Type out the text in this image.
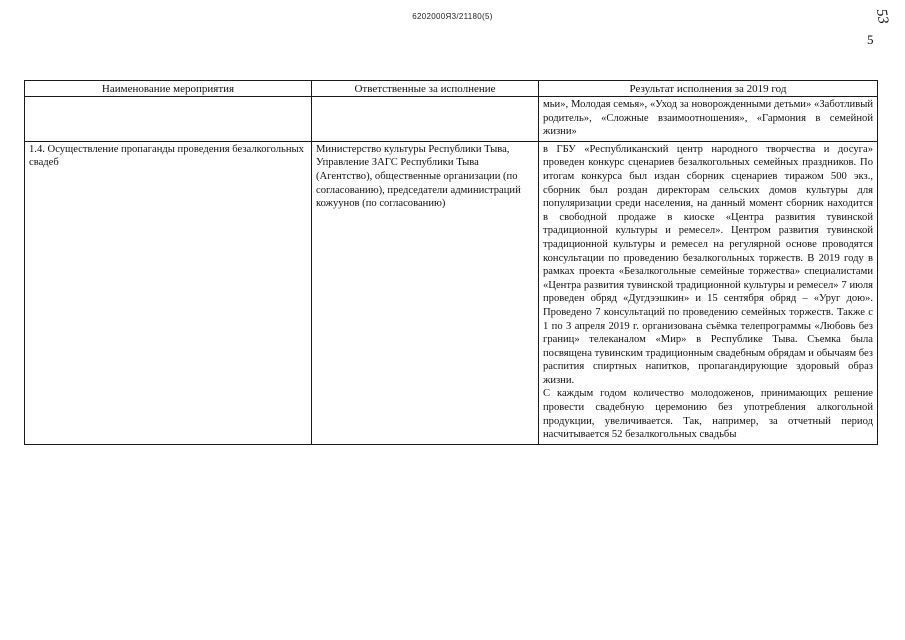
6202000Я3/21180(5)	53
5
Наименование мероприятия	Ответственные за исполнение	Результат исполнения за 2019 год

		мьи», Молодая семья», «Уход за новорожденными детьми» «Заботливый родитель», «Сложные взаимоотношения», «Гармония в семейной жизни»

1.4. Осуществление пропаганды проведения безалкогольных свадеб	Министерство культуры Республики Тыва, Управление ЗАГС Республики Тыва (Агентство), общественные организации (по согласованию), председатели администраций кожуунов (по согласованию)	в ГБУ «Республиканский центр народного творчества и досуга» проведен конкурс сценариев безалкогольных семейных праздников. По итогам конкурса был издан сборник сценариев тиражом 500 экз., сборник был роздан директорам сельских домов культуры для популяризации среди населения, на данный момент сборник находится в свободной продаже в киоске «Центра развития тувинской традиционной культуры и ремесел». Центром развития тувинской традиционной культуры и ремесел на регулярной основе проводятся консультации по проведению безалкогольных торжеств. В 2019 году в рамках проекта «Безалкогольные семейные торжества» специалистами «Центра развития тувинской традиционной культуры и ремесел» 7 июля проведен обряд «Дугдээшкин» и 15 сентября обряд – «Уруг дою». Проведено 7 консультаций по проведению семейных торжеств. Также с 1 по 3 апреля 2019 г. организована съёмка телепрограммы «Любовь без границ» телеканалом «Мир» в Республике Тыва. Съемка была посвящена тувинским традиционным свадебным обрядам и обычаям без распития спиртных напитков, пропагандирующие здоровый образ жизни.

С каждым годом количество молодоженов, принимающих решение провести свадебную церемонию без употребления алкогольной продукции, увеличивается. Так, например, за отчетный период насчитывается 52 безалкогольных свадьбы
